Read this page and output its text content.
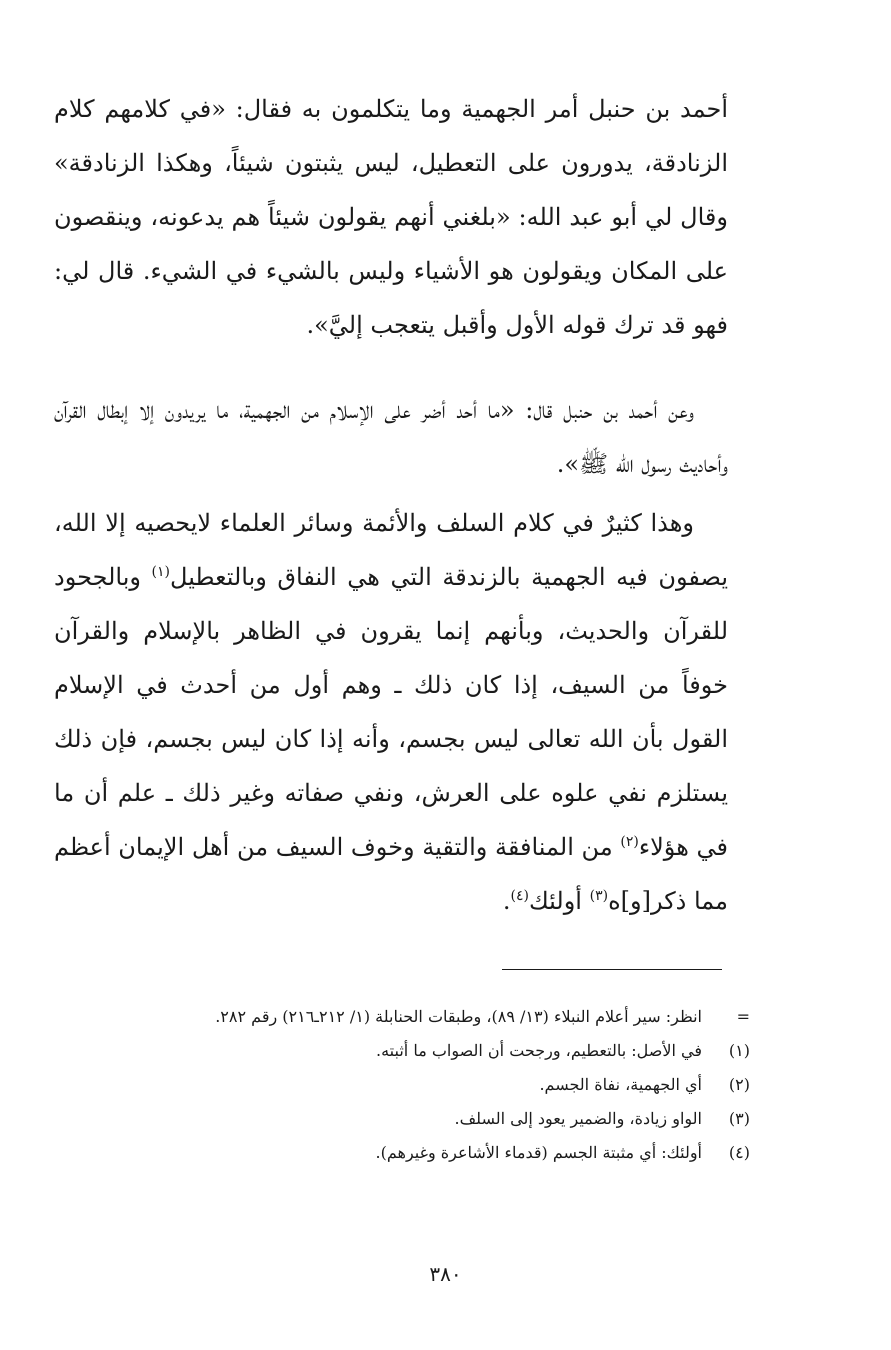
أحمد بن حنبل أمر الجهمية وما يتكلمون به فقال: «في كلامهم كلام الزنادقة، يدورون على التعطيل، ليس يثبتون شيئاً، وهكذا الزنادقة» وقال لي أبو عبد الله: «بلغني أنهم يقولون شيئاً هم يدعونه، وينقصون على المكان ويقولون هو الأشياء وليس بالشيء في الشيء. قال لي: فهو قد ترك قوله الأول وأقبل يتعجب إليَّ».
وعن أحمد بن حنبل قال: «ما أحد أضر على الإسلام من الجهمية، ما يريدون إلا إبطال القرآن وأحاديث رسول الله ﷺ».
وهذا كثيرٌ في كلام السلف والأئمة وسائر العلماء لايحصيه إلا الله، يصفون فيه الجهمية بالزندقة التي هي النفاق وبالتعطيل$^{(١)}$ وبالجحود للقرآن والحديث، وبأنهم إنما يقرون في الظاهر بالإسلام والقرآن خوفاً من السيف، إذا كان ذلك ـ وهم أول من أحدث في الإسلام القول بأن الله تعالى ليس بجسم، وأنه إذا كان ليس بجسم، فإن ذلك يستلزم نفي علوه على العرش، ونفي صفاته وغير ذلك ـ علم أن ما في هؤلاء$^{(٢)}$ من المنافقة والتقية وخوف السيف من أهل الإيمان أعظم مما ذكر[و]ه$^{(٣)}$ أولئك$^{(٤)}$.
=
انظر: سير أعلام النبلاء (١٣/ ٨٩)، وطبقات الحنابلة (١/ ٢١٢ـ٢١٦) رقم ٢٨٢.
(١)
في الأصل: بالتعطيم، ورجحت أن الصواب ما أثبته.
(٢)
أي الجهمية، نفاة الجسم.
(٣)
الواو زيادة، والضمير يعود إلى السلف.
(٤)
أولئك: أي مثبتة الجسم (قدماء الأشاعرة وغيرهم).
٣٨٠
